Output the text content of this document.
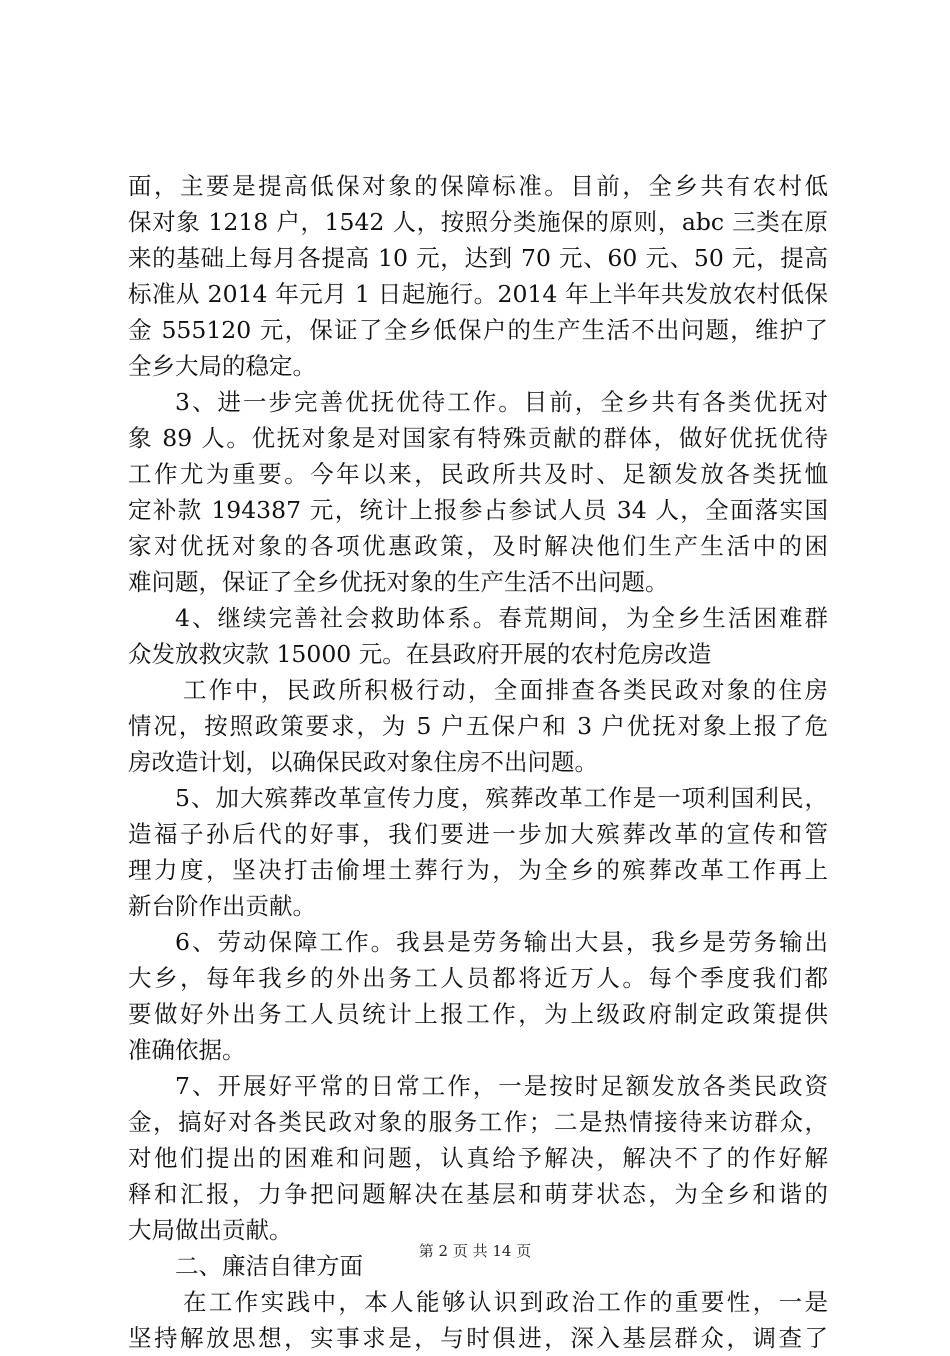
面，主要是提高低保对象的保障标准。目前，全乡共有农村低
保对象 1218 户，1542 人，按照分类施保的原则，abc 三类在原
来的基础上每月各提高 10 元，达到 70 元、60 元、50 元，提高
标准从 2014 年元月 1 日起施行。2014 年上半年共发放农村低保
金 555120 元，保证了全乡低保户的生产生活不出问题，维护了
全乡大局的稳定。
3、进一步完善优抚优待工作。目前，全乡共有各类优抚对
象 89 人。优抚对象是对国家有特殊贡献的群体，做好优抚优待
工作尤为重要。今年以来，民政所共及时、足额发放各类抚恤
定补款 194387 元，统计上报参占参试人员 34 人，全面落实国
家对优抚对象的各项优惠政策，及时解决他们生产生活中的困
难问题，保证了全乡优抚对象的生产生活不出问题。
4、继续完善社会救助体系。春荒期间，为全乡生活困难群
众发放救灾款 15000 元。在县政府开展的农村危房改造
工作中，民政所积极行动，全面排查各类民政对象的住房
情况，按照政策要求，为 5 户五保户和 3 户优抚对象上报了危
房改造计划，以确保民政对象住房不出问题。
5、加大殡葬改革宣传力度，殡葬改革工作是一项利国利民，
造福子孙后代的好事，我们要进一步加大殡葬改革的宣传和管
理力度，坚决打击偷埋土葬行为，为全乡的殡葬改革工作再上
新台阶作出贡献。
6、劳动保障工作。我县是劳务输出大县，我乡是劳务输出
大乡，每年我乡的外出务工人员都将近万人。每个季度我们都
要做好外出务工人员统计上报工作，为上级政府制定政策提供
准确依据。
7、开展好平常的日常工作，一是按时足额发放各类民政资
金，搞好对各类民政对象的服务工作；二是热情接待来访群众，
对他们提出的困难和问题，认真给予解决，解决不了的作好解
释和汇报，力争把问题解决在基层和萌芽状态，为全乡和谐的
大局做出贡献。
二、廉洁自律方面
在工作实践中，本人能够认识到政治工作的重要性，一是
坚持解放思想，实事求是，与时俱进，深入基层群众，调查了
第 2 页 共 14 页
